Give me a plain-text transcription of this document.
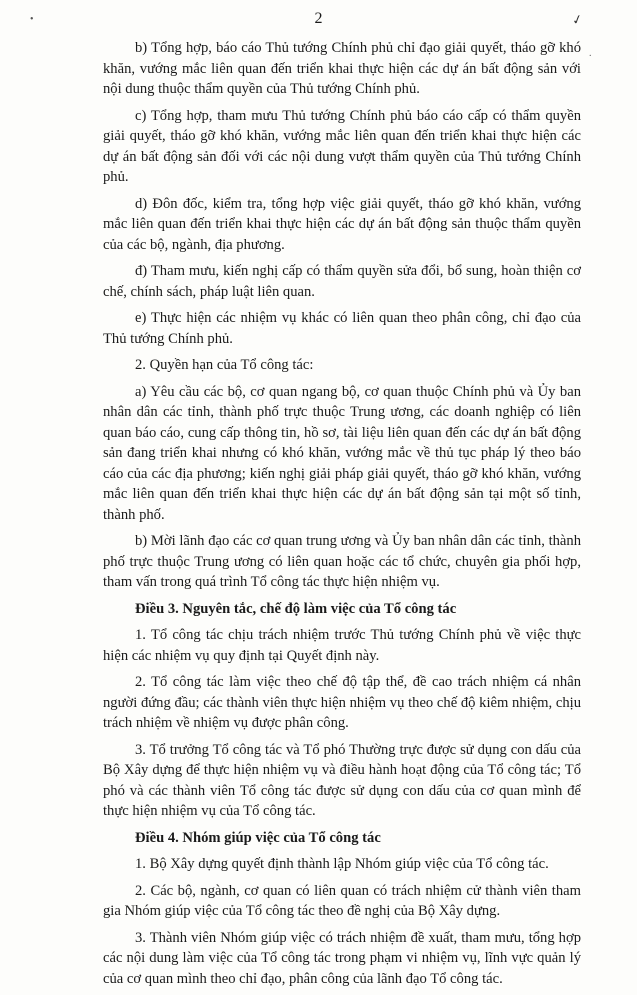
•	2	✓
.

b) Tổng hợp, báo cáo Thủ tướng Chính phủ chỉ đạo giải quyết, tháo gỡ khó khăn, vướng mắc liên quan đến triển khai thực hiện các dự án bất động sản với nội dung thuộc thẩm quyền của Thủ tướng Chính phủ.

c) Tổng hợp, tham mưu Thủ tướng Chính phủ báo cáo cấp có thẩm quyền giải quyết, tháo gỡ khó khăn, vướng mắc liên quan đến triển khai thực hiện các dự án bất động sản đối với các nội dung vượt thẩm quyền của Thủ tướng Chính phủ.

d) Đôn đốc, kiểm tra, tổng hợp việc giải quyết, tháo gỡ khó khăn, vướng mắc liên quan đến triển khai thực hiện các dự án bất động sản thuộc thẩm quyền của các bộ, ngành, địa phương.

đ) Tham mưu, kiến nghị cấp có thẩm quyền sửa đổi, bổ sung, hoàn thiện cơ chế, chính sách, pháp luật liên quan.

e) Thực hiện các nhiệm vụ khác có liên quan theo phân công, chỉ đạo của Thủ tướng Chính phủ.

2. Quyền hạn của Tổ công tác:

a) Yêu cầu các bộ, cơ quan ngang bộ, cơ quan thuộc Chính phủ và Ủy ban nhân dân các tỉnh, thành phố trực thuộc Trung ương, các doanh nghiệp có liên quan báo cáo, cung cấp thông tin, hồ sơ, tài liệu liên quan đến các dự án bất động sản đang triển khai nhưng có khó khăn, vướng mắc về thủ tục pháp lý theo báo cáo của các địa phương; kiến nghị giải pháp giải quyết, tháo gỡ khó khăn, vướng mắc liên quan đến triển khai thực hiện các dự án bất động sản tại một số tỉnh, thành phố.

b) Mời lãnh đạo các cơ quan trung ương và Ủy ban nhân dân các tỉnh, thành phố trực thuộc Trung ương có liên quan hoặc các tổ chức, chuyên gia phối hợp, tham vấn trong quá trình Tổ công tác thực hiện nhiệm vụ.

Điều 3. Nguyên tắc, chế độ làm việc của Tổ công tác

1. Tổ công tác chịu trách nhiệm trước Thủ tướng Chính phủ về việc thực hiện các nhiệm vụ quy định tại Quyết định này.

2. Tổ công tác làm việc theo chế độ tập thể, đề cao trách nhiệm cá nhân người đứng đầu; các thành viên thực hiện nhiệm vụ theo chế độ kiêm nhiệm, chịu trách nhiệm về nhiệm vụ được phân công.

3. Tổ trưởng Tổ công tác và Tổ phó Thường trực được sử dụng con dấu của Bộ Xây dựng để thực hiện nhiệm vụ và điều hành hoạt động của Tổ công tác; Tổ phó và các thành viên Tổ công tác được sử dụng con dấu của cơ quan mình để thực hiện nhiệm vụ của Tổ công tác.

Điều 4. Nhóm giúp việc của Tổ công tác

1. Bộ Xây dựng quyết định thành lập Nhóm giúp việc của Tổ công tác.

2. Các bộ, ngành, cơ quan có liên quan có trách nhiệm cử thành viên tham gia Nhóm giúp việc của Tổ công tác theo đề nghị của Bộ Xây dựng.

3. Thành viên Nhóm giúp việc có trách nhiệm đề xuất, tham mưu, tổng hợp các nội dung làm việc của Tổ công tác trong phạm vi nhiệm vụ, lĩnh vực quản lý của cơ quan mình theo chỉ đạo, phân công của lãnh đạo Tổ công tác.
